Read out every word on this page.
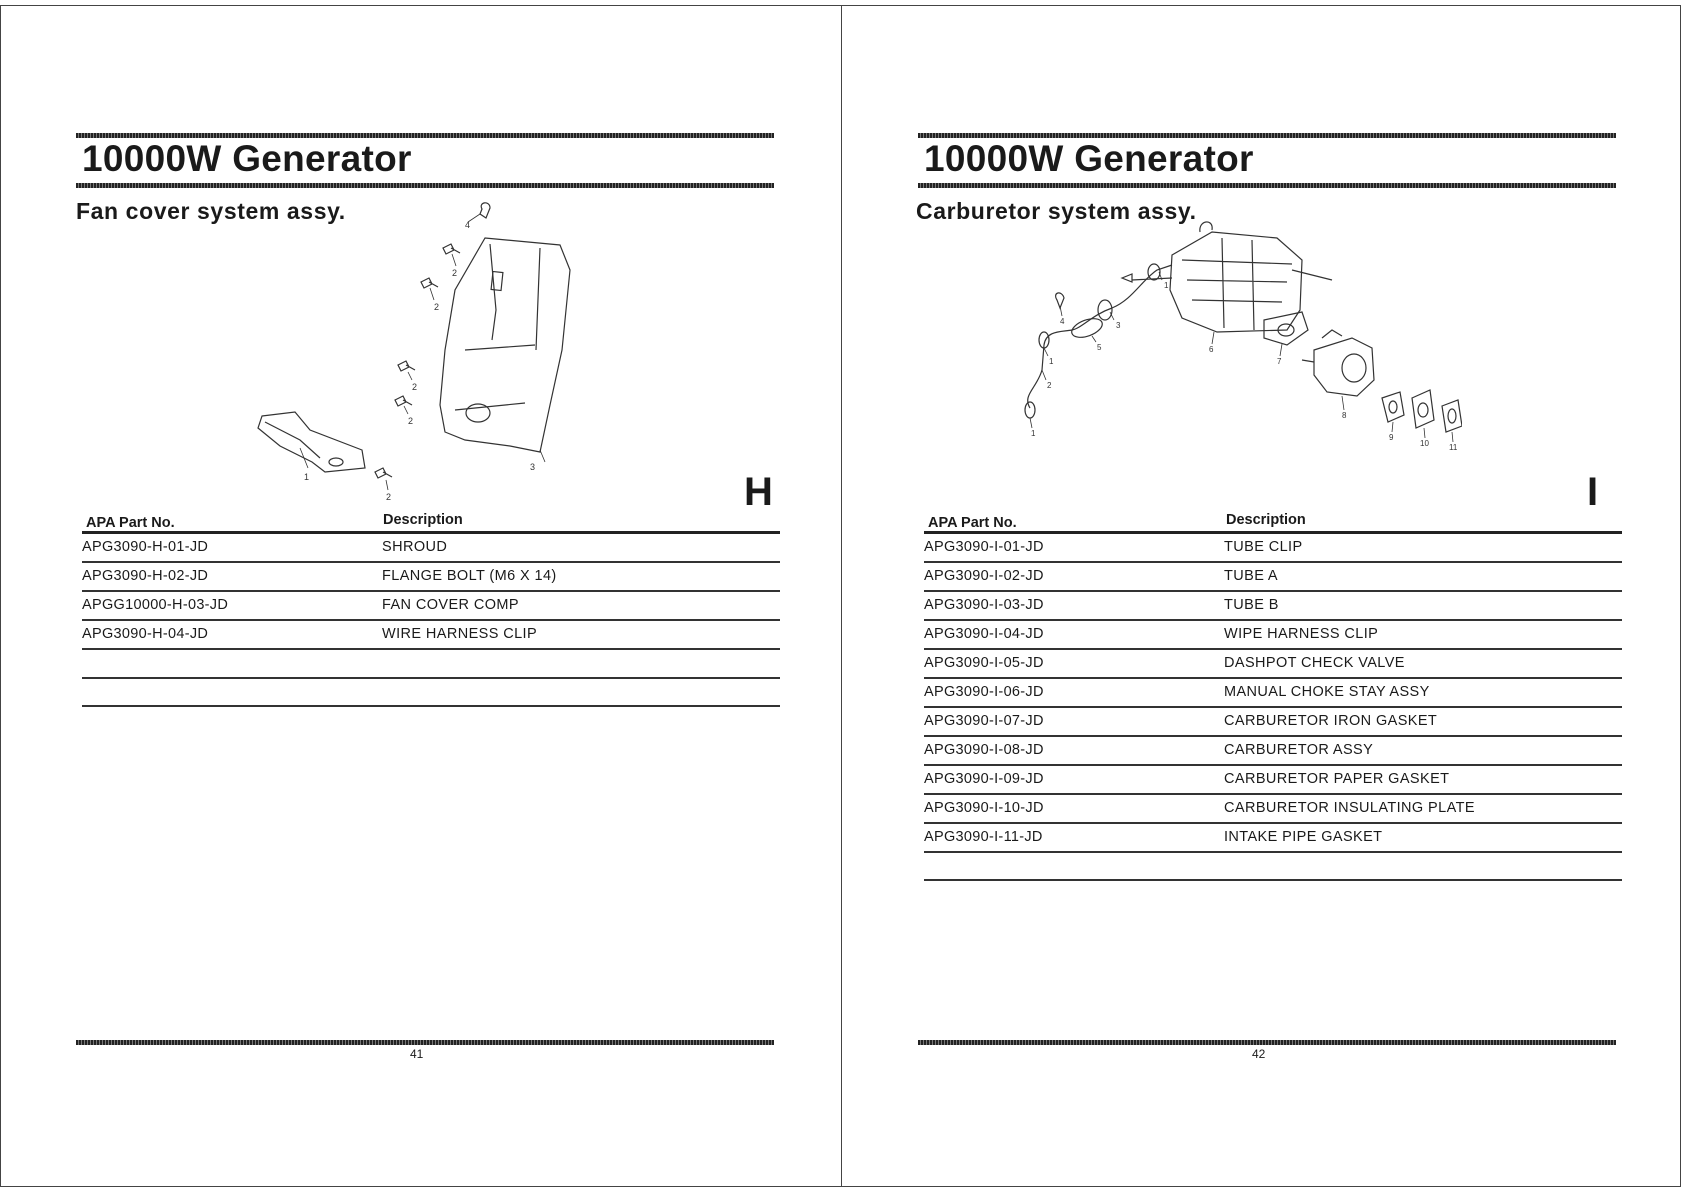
10000W Generator
Fan cover system assy.
4
2
2
2
2
3
1
2	H
APA Part No.	Description
APG3090-H-01-JD	SHROUD
APG3090-H-02-JD	FLANGE BOLT (M6 X 14)
APGG10000-H-03-JD	FAN COVER COMP
APG3090-H-04-JD	WIRE HARNESS CLIP
41
10000W Generator
Carburetor system assy.
1
4	3
5
1
2
1
6
7
8
9
10	11
I
APA Part No.	Description
APG3090-I-01-JD	TUBE CLIP
APG3090-I-02-JD	TUBE A
APG3090-I-03-JD	TUBE B
APG3090-I-04-JD	WIPE HARNESS CLIP
APG3090-I-05-JD	DASHPOT CHECK VALVE
APG3090-I-06-JD	MANUAL CHOKE STAY ASSY
APG3090-I-07-JD	CARBURETOR IRON GASKET
APG3090-I-08-JD	CARBURETOR ASSY
APG3090-I-09-JD	CARBURETOR PAPER GASKET
APG3090-I-10-JD	CARBURETOR INSULATING PLATE
APG3090-I-11-JD	INTAKE PIPE GASKET
42
